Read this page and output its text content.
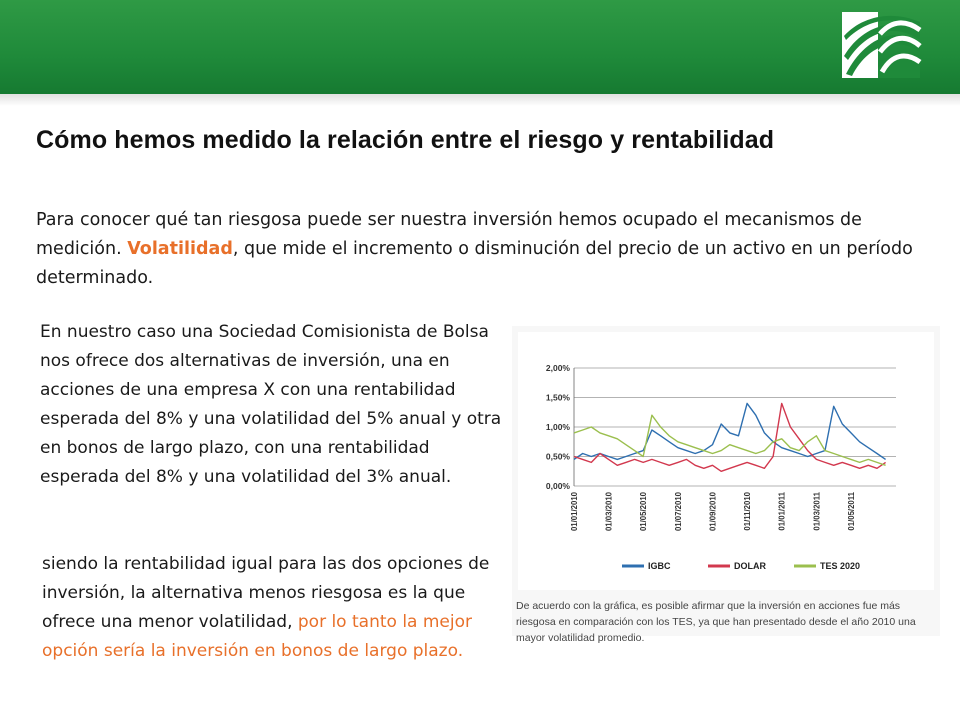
Cómo hemos medido la relación entre el riesgo y rentabilidad
Para conocer qué tan riesgosa puede ser nuestra inversión hemos ocupado el mecanismos de medición. Volatilidad, que mide el incremento o disminución del precio de un activo en un período determinado.
En nuestro caso una Sociedad Comisionista de Bolsa nos ofrece dos alternativas de inversión, una en acciones de una empresa X con una rentabilidad esperada del 8% y una volatilidad del 5% anual y otra en bonos de largo plazo, con una rentabilidad esperada del 8% y una volatilidad del 3% anual.
siendo la rentabilidad igual para las dos opciones de inversión, la alternativa menos riesgosa es la que ofrece una menor volatilidad, por lo tanto la mejor opción sería la inversión en bonos de largo plazo.
0,00%
0,50%
1,00%
1,50%
2,00%
01/01/2010	01/03/2010	01/05/2010	01/07/2010	01/09/2010	01/11/2010	01/01/2011	01/03/2011	01/05/2011
IGBC	DOLAR	TES 2020
De acuerdo con la gráfica, es posible afirmar que la inversión en acciones fue más riesgosa en comparación con los TES, ya que han presentado desde el año 2010 una mayor volatilidad promedio.
